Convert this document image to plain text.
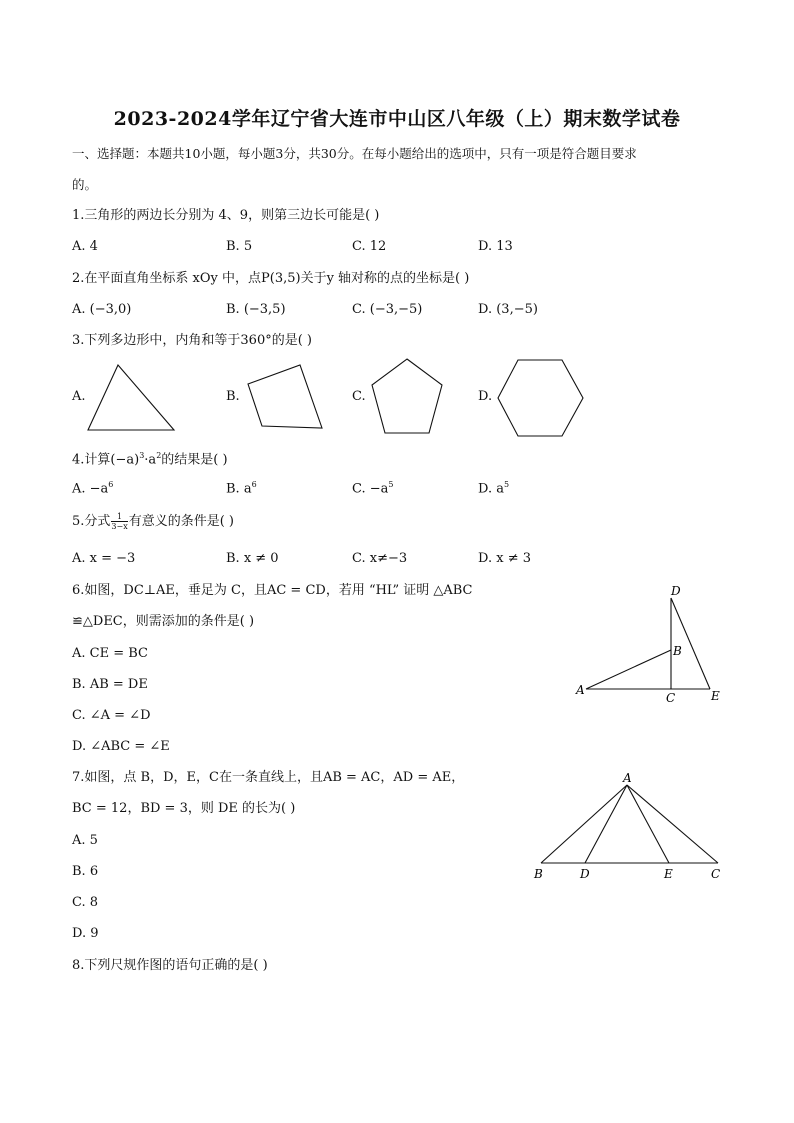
2023-2024学年辽宁省大连市中山区八年级（上）期末数学试卷
一、选择题：本题共10小题，每小题3分，共30分。在每小题给出的选项中，只有一项是符合题目要求
的。
1.三角形的两边长分别为 4、9，则第三边长可能是( )
A. 4	B. 5	C. 12	D. 13
2.在平面直角坐标系 xOy 中，点P(3,5)关于y 轴对称的点的坐标是( )
A. (−3,0)	B. (−3,5)	C. (−3,−5)	D. (3,−5)
3.下列多边形中，内角和等于360°的是( )
A.	B.	C.	D.
4.计算$(-a)^3\cdot a^2$的结果是( )
A. $-a^6$	B. $a^6$	C. $-a^5$	D. $a^5$
5.分式 $\frac{1}{3-x}$ 有意义的条件是( )
A. x = −3	B. x ≠ 0	C. x≠−3	D. x ≠ 3
6.如图，DC⊥AE，垂足为 C，且AC = CD，若用 “HL” 证明 △ABC
≌△DEC，则需添加的条件是( )
A. CE = BC
B. AB = DE
C. ∠A = ∠D
D. ∠ABC = ∠E
D
B
A
C	E
7.如图，点 B，D，E，C在一条直线上，且AB = AC，AD = AE，
BC = 12，BD = 3，则 DE 的长为( )
A. 5
B. 6
C. 8
D. 9
A
B	D	E	C
8.下列尺规作图的语句正确的是( )
